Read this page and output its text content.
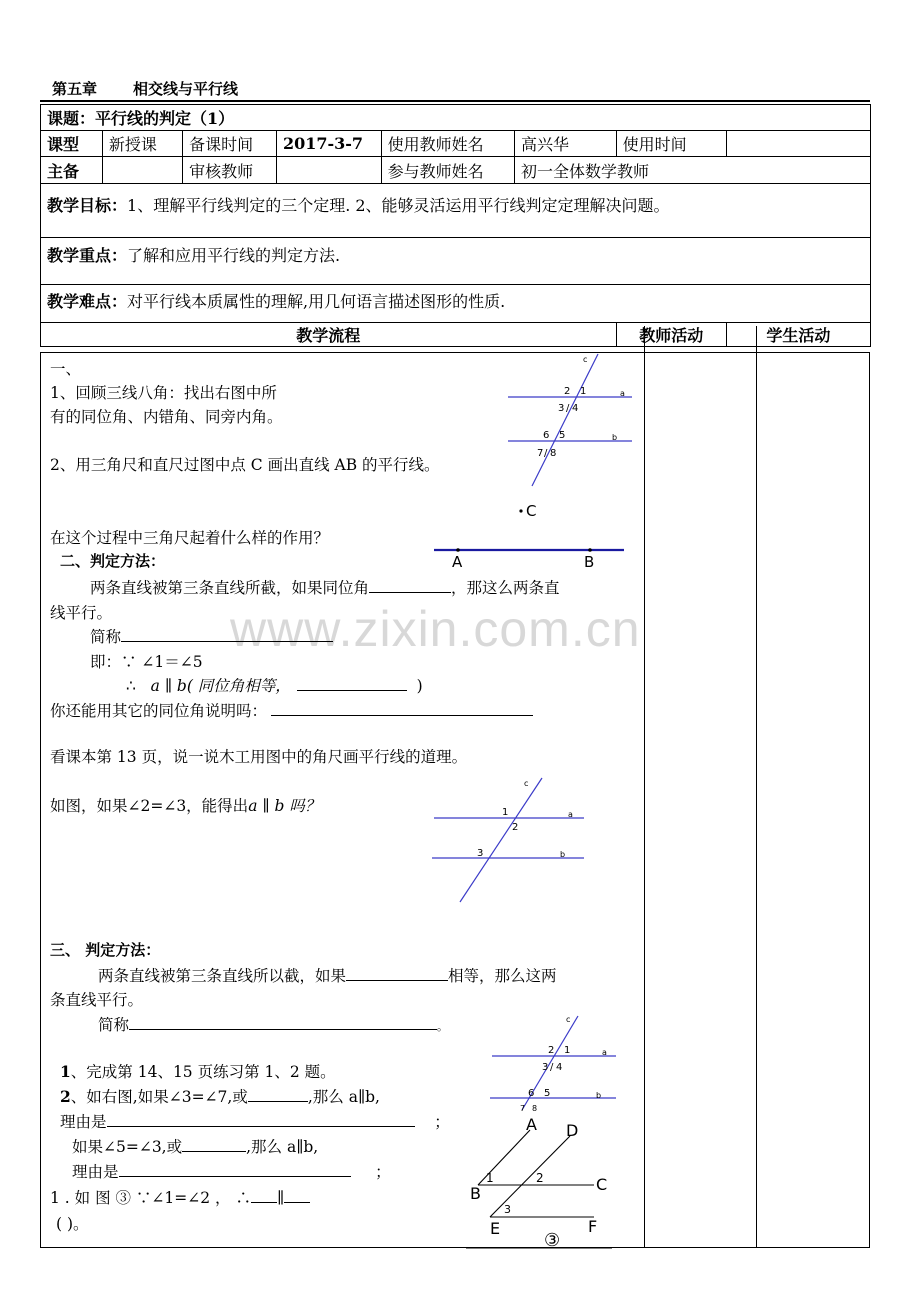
第五章 相交线与平行线
课题：平行线的判定（1）							
课型	新授课	备课时间	2017-3-7	使用教师姓名	高兴华	使用时间	
主备		审核教师		参与教师姓名	初一全体数学教师		
教学目标：1、理解平行线判定的三个定理. 2、能够灵活运用平行线判定定理解决问题。							
教学重点：了解和应用平行线的判定方法.							
教学难点：对平行线本质属性的理解,用几何语言描述图形的性质.							
教学流程						教师活动	学生活动
www.zixin.com.cn
一、
1、回顾三线八角：找出右图中所
有的同位角、内错角、同旁内角。
2、用三角尺和直尺过图中点 C 画出直线 AB 的平行线。
在这个过程中三角尺起着什么样的作用？
c
a
b
2 1
3 4
6 5
7 8
/
/
C
A	B
二、判定方法：
两条直线被第三条直线所截，如果同位角	，那这么两条直
线平行。
简称
即：∵ ∠1＝∠5
∴ a ∥ b( 同位角相等，	)
你还能用其它的同位角说明吗：
看课本第 13 页，说一说木工用图中的角尺画平行线的道理。
如图，如果∠2=∠3，能得出a ∥ b 吗？
c
a
b
1
2
3
三、 判定方法：
两条直线被第三条直线所以截，如果	相等，那么这两
条直线平行。
简称	。
1、完成第 14、15 页练习第 1、2 题。
2、如右图,如果∠3=∠7,或	,那么 a∥b,
理由是	；
如果∠5=∠3,或	,那么 a∥b,
理由是	；
1 . 如 图 ③ ∵∠1=∠2 ， ∴ ∥
( )。
c
a
b
2 1
3 4
6 5
7 8
/
A D
B	C
E	F
1	2
3
③
